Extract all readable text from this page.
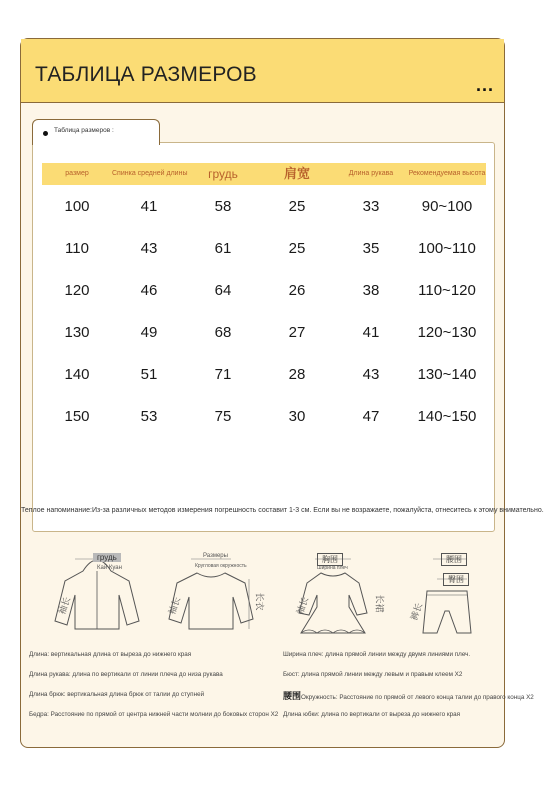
ТАБЛИЦА РАЗМЕРОВ	...
Таблица размеров :
размер	Спинка средней длины	грудь	肩宽	Длина рукава	Рекомендуемая высота
100	41	58	25	33	90~100
110	43	61	25	35	100~110
120	46	64	26	38	110~120
130	49	68	27	41	120~130
140	51	71	28	43	130~140
150	53	75	30	47	140~150
Теплое напоминание:Из-за различных методов измерения погрешность составит 1-3 см. Если вы не возражаете, пожалуйста, отнеситесь к этому внимательно.
грудь
Кай Куан
袖长
Размеры
Кругловая окружность
袖长	长衣
胸围
Ширина плеч
袖长	长裙
腰围
臀围
裤长
Длина: вертикальная длина от выреза до нижнего края
Длина рукава: длина по вертикали от линии плеча до низа рукава
Длина брюк: вертикальная длина брюк от талии до ступней
Бедра: Расстояние по прямой от центра нижней части молнии до боковых сторон X2
Ширина плеч: длина прямой линии между двумя линиями плеч.
Бюст: длина прямой линии между левым и правым клеем X2
腰围Окружность: Расстояние по прямой от левого конца талии до правого конца X2
Длина юбки: длина по вертикали от выреза до нижнего края
